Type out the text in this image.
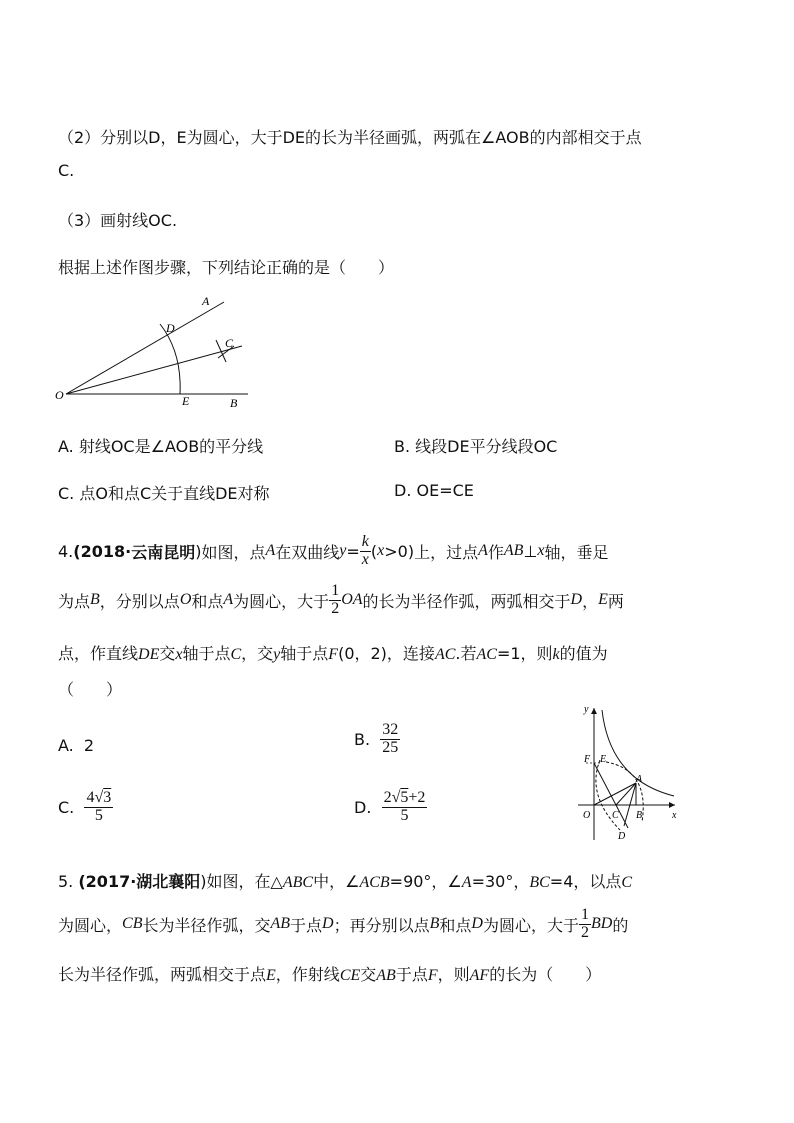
（2）分别以D，E为圆心，大于DE的长为半径画弧，两弧在∠AOB的内部相交于点
C.
（3）画射线OC.
根据上述作图步骤，下列结论正确的是（　　）
A
D
C
O	E	B
A. 射线OC是∠AOB的平分线	B. 线段DE平分线段OC
C. 点O和点C关于直线DE对称	D. OE=CE
4. (2018 · 云南昆明 ) 如图，点 A 在双曲线 $y = \frac{k}{x}$ ( x >0) 上，过点 A 作 AB ⊥ x 轴，垂足
为点 B ，分别以点 O 和点 A 为圆心，大于 $\frac{1}{2}$ OA 的长为半径作弧，两弧相交于 D ， E 两
点，作直线DE交x轴于点C，交y轴于点F(0，2)，连接AC.若AC=1，则k的值为
（　　）
A. 2	B.
$\frac{32}{25}$
C.
$\frac{4√3}{5}$	D.
$\frac{2√5+2}{5}$
y
x
O
F E
A
B
C
D
5. (2017·湖北襄阳)如图，在△ABC中，∠ACB=90°，∠A=30°，BC=4，以点C
为圆心， CB 长为半径作弧，交 AB 于点 D ；再分别以点 B 和点 D 为圆心，大于 $\frac{1}{2}$ BD 的
长为半径作弧，两弧相交于点E，作射线CE交AB于点F，则AF的长为（　　）
